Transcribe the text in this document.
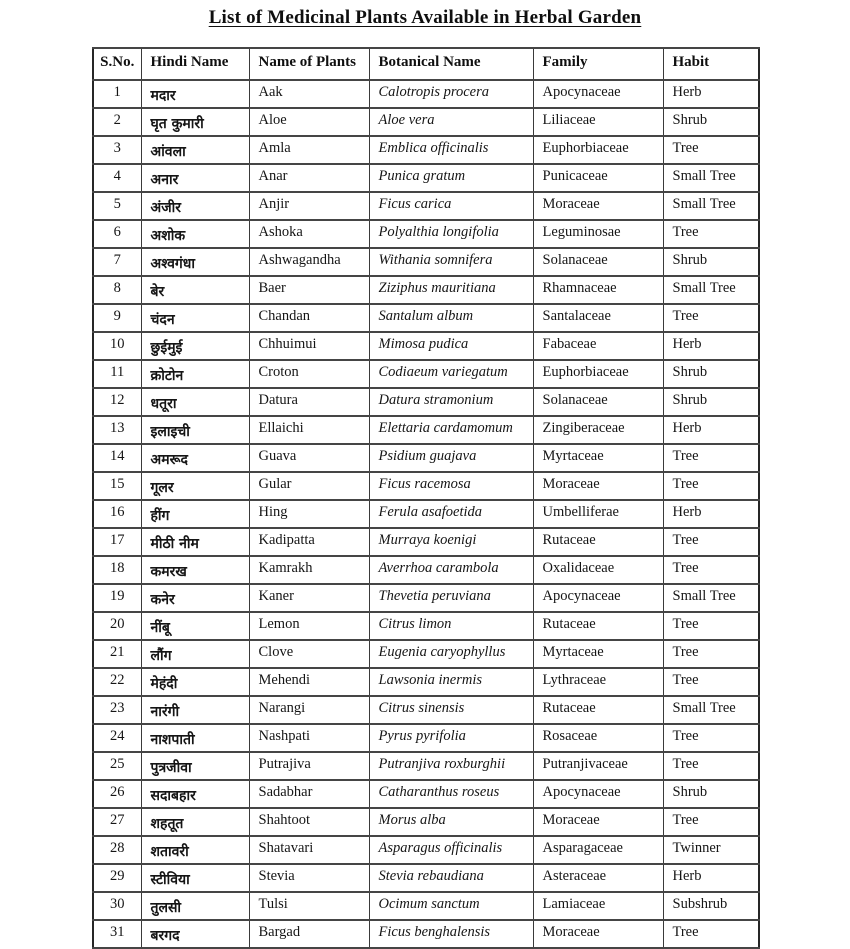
List of Medicinal Plants Available in Herbal Garden
S.No.	Hindi Name	Name of Plants	Botanical Name	Family	Habit
1	मदार	Aak	Calotropis procera	Apocynaceae	Herb
2	घृत कुमारी	Aloe	Aloe vera	Liliaceae	Shrub
3	आंवला	Amla	Emblica officinalis	Euphorbiaceae	Tree
4	अनार	Anar	Punica gratum	Punicaceae	Small Tree
5	अंजीर	Anjir	Ficus carica	Moraceae	Small Tree
6	अशोक	Ashoka	Polyalthia longifolia	Leguminosae	Tree
7	अश्वगंधा	Ashwagandha	Withania somnifera	Solanaceae	Shrub
8	बेर	Baer	Ziziphus mauritiana	Rhamnaceae	Small Tree
9	चंदन	Chandan	Santalum album	Santalaceae	Tree
10	छुईमुई	Chhuimui	Mimosa pudica	Fabaceae	Herb
11	क्रोटोन	Croton	Codiaeum variegatum	Euphorbiaceae	Shrub
12	धतूरा	Datura	Datura stramonium	Solanaceae	Shrub
13	इलाइची	Ellaichi	Elettaria cardamomum	Zingiberaceae	Herb
14	अमरूद	Guava	Psidium guajava	Myrtaceae	Tree
15	गूलर	Gular	Ficus racemosa	Moraceae	Tree
16	हींग	Hing	Ferula asafoetida	Umbelliferae	Herb
17	मीठी नीम	Kadipatta	Murraya koenigi	Rutaceae	Tree
18	कमरख	Kamrakh	Averrhoa carambola	Oxalidaceae	Tree
19	कनेर	Kaner	Thevetia peruviana	Apocynaceae	Small Tree
20	नींबू	Lemon	Citrus limon	Rutaceae	Tree
21	लौंग	Clove	Eugenia caryophyllus	Myrtaceae	Tree
22	मेहंदी	Mehendi	Lawsonia inermis	Lythraceae	Tree
23	नारंगी	Narangi	Citrus sinensis	Rutaceae	Small Tree
24	नाशपाती	Nashpati	Pyrus pyrifolia	Rosaceae	Tree
25	पुत्रजीवा	Putrajiva	Putranjiva roxburghii	Putranjivaceae	Tree
26	सदाबहार	Sadabhar	Catharanthus roseus	Apocynaceae	Shrub
27	शहतूत	Shahtoot	Morus alba	Moraceae	Tree
28	शतावरी	Shatavari	Asparagus officinalis	Asparagaceae	Twinner
29	स्टीविया	Stevia	Stevia rebaudiana	Asteraceae	Herb
30	तुलसी	Tulsi	Ocimum sanctum	Lamiaceae	Subshrub
31	बरगद	Bargad	Ficus benghalensis	Moraceae	Tree
